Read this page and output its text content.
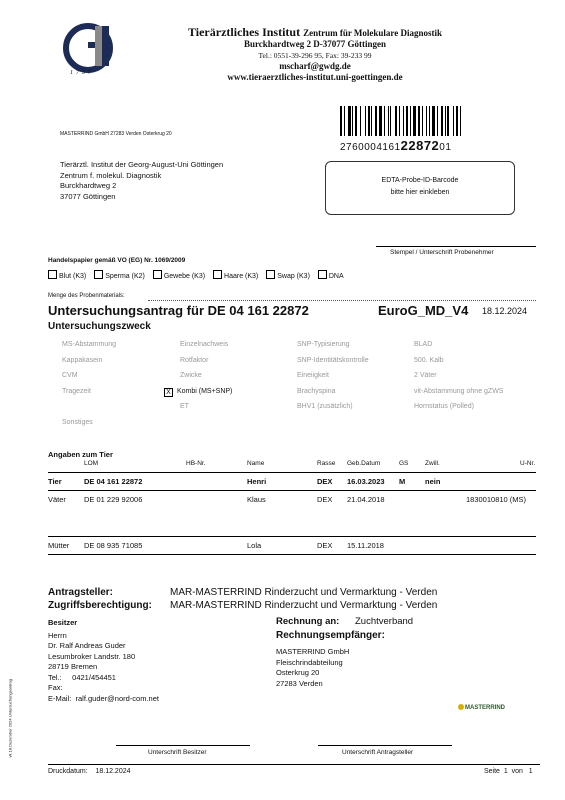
1737
Tierärztliches Institut Zentrum für Molekulare Diagnostik
Burckhardtweg 2 D-37077 Göttingen
Tel.: 0551-39-296 95, Fax: 39-233 99
mscharf@gwdg.de
www.tieraerztliches-institut.uni-goettingen.de
MASTERRIND GmbH 27283 Verden Osterkrug 20
27600041612287201
Tierärztl. Institut der Georg-August-Uni Göttingen
Zentrum f. molekul. Diagnostik
Burckhardtweg 2
37077 Göttingen
EDTA-Probe-ID-Barcode
bitte hier einkleben
Stempel / Unterschrift Probenehmer
Handelspapier gemäß VO (EG) Nr. 1069/2009
Blut (K3)	Sperma (K2)	Gewebe (K3)	Haare (K3)	Swap (K3)	DNA
Menge des Probenmaterials:
Untersuchungsantrag für DE 04 161 22872	EuroG_MD_V4 18.12.2024
Untersuchungszweck
MS-Abstammung
Kappakasein
CVM
Tragezeit
Sonstiges
Einzelnachweis
Rotfaktor
Zwicke
X Kombi (MS+SNP)
ET
SNP-Typisierung
SNP-Identitätskontrolle
Eineiigkeit
Brachyspina
BHV1 (zusätzlich)
BLAD
500. Kalb
2 Väter
vit-Abstammung ohne gZWS
Hornstatus (Polled)
Angaben zum Tier
LOM	HB-Nr.	Name	Rasse Geb.Datum	GS	Zwill.	U-Nr.
Tier	DE 04 161 22872	Henri	DEX 16.03.2023 M	nein
Väter DE 01 229 92006	Klaus	DEX 21.04.2018	1830010810 (MS)
Mütter DE 08 935 71085	Lola	DEX 15.11.2018
Antragsteller:	MAR-MASTERRIND Rinderzucht und Vermarktung - Verden
Zugriffsberechtigung: MAR-MASTERRIND Rinderzucht und Vermarktung - Verden
Besitzer
Herrn
Dr. Ralf Andreas Guder
Lesumbroker Landstr. 180
28719 Bremen
Tel.:     0421/454451
Fax:
E-Mail:  ralf.guder@nord-com.net
Rechnung an: Zuchtverband
Rechnungsempfänger:
MASTERRIND GmbH
Fleischrindabteilung
Osterkrug 20
27283 Verden
MASTERRIND
vit 18.Dezember 2024 Untersuchungsantrag	Unterschrift Besitzer	Unterschrift Antragsteller
Druckdatum: 18.12.2024	Seite  1  von   1
